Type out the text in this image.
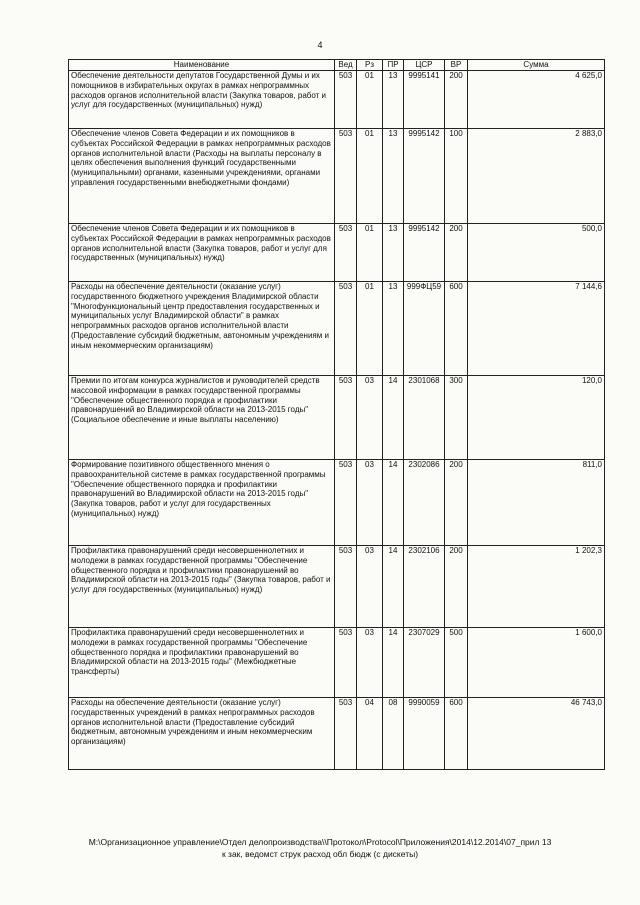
4
Наименование	Вед	Рз	ПР	ЦСР	ВР	Сумма
Обеспечение деятельности депутатов Государственной Думы и их помощников в избирательных округах в рамках непрограммных расходов органов исполнительной власти (Закупка товаров, работ и услуг для государственных (муниципальных) нужд)	503	01	13	9995141	200	4 625,0
Обеспечение членов Совета Федерации и их помощников в субъектах Российской Федерации в рамках непрограммных расходов органов исполнительной власти (Расходы на выплаты персоналу в целях обеспечения выполнения функций государственными (муниципальными) органами, казенными учреждениями, органами управления государственными внебюджетными фондами)	503	01	13	9995142	100	2 883,0
Обеспечение членов Совета Федерации и их помощников в субъектах Российской Федерации в рамках непрограммных расходов органов исполнительной власти (Закупка товаров, работ и услуг для государственных (муниципальных) нужд)	503	01	13	9995142	200	500,0
Расходы на обеспечение деятельности (оказание услуг) государственного бюджетного учреждения Владимирской области "Многофункциональный центр предоставления государственных и муниципальных услуг Владимирской области" в рамках непрограммных расходов органов исполнительной власти (Предоставление субсидий бюджетным, автономным учреждениям и иным некоммерческим организациям)	503	01	13	999ФЦ59	600	7 144,6
Премии по итогам конкурса журналистов и руководителей средств массовой информации в рамках государственной программы "Обеспечение общественного порядка и профилактики правонарушений во Владимирской области на 2013-2015 годы" (Социальное обеспечение и иные выплаты населению)	503	03	14	2301068	300	120,0
Формирование позитивного общественного мнения о правоохранительной системе в рамках государственной программы "Обеспечение общественного порядка и профилактики правонарушений во Владимирской области на 2013-2015 годы" (Закупка товаров, работ и услуг для государственных (муниципальных) нужд)	503	03	14	2302086	200	811,0
Профилактика правонарушений среди несовершеннолетних и молодежи в рамках государственной программы "Обеспечение общественного порядка и профилактики правонарушений во Владимирской области на 2013-2015 годы" (Закупка товаров, работ и услуг для государственных (муниципальных) нужд)	503	03	14	2302106	200	1 202,3
Профилактика правонарушений среди несовершеннолетних и молодежи в рамках государственной программы "Обеспечение общественного порядка и профилактики правонарушений во Владимирской области на 2013-2015 годы" (Межбюджетные трансферты)	503	03	14	2307029	500	1 600,0
Расходы на обеспечение деятельности (оказание услуг) государственных учреждений в рамках непрограммных расходов органов исполнительной власти (Предоставление субсидий бюджетным, автономным учреждениям и иным некоммерческим организациям)	503	04	08	9990059	600	46 743,0
M:\Организационное управление\Отдел делопроизводства\\Протокол\Protocol\Приложения\2014\12.2014\07_прил 13
к зак, ведомст струк расход обл бюдж (с дискеты)
